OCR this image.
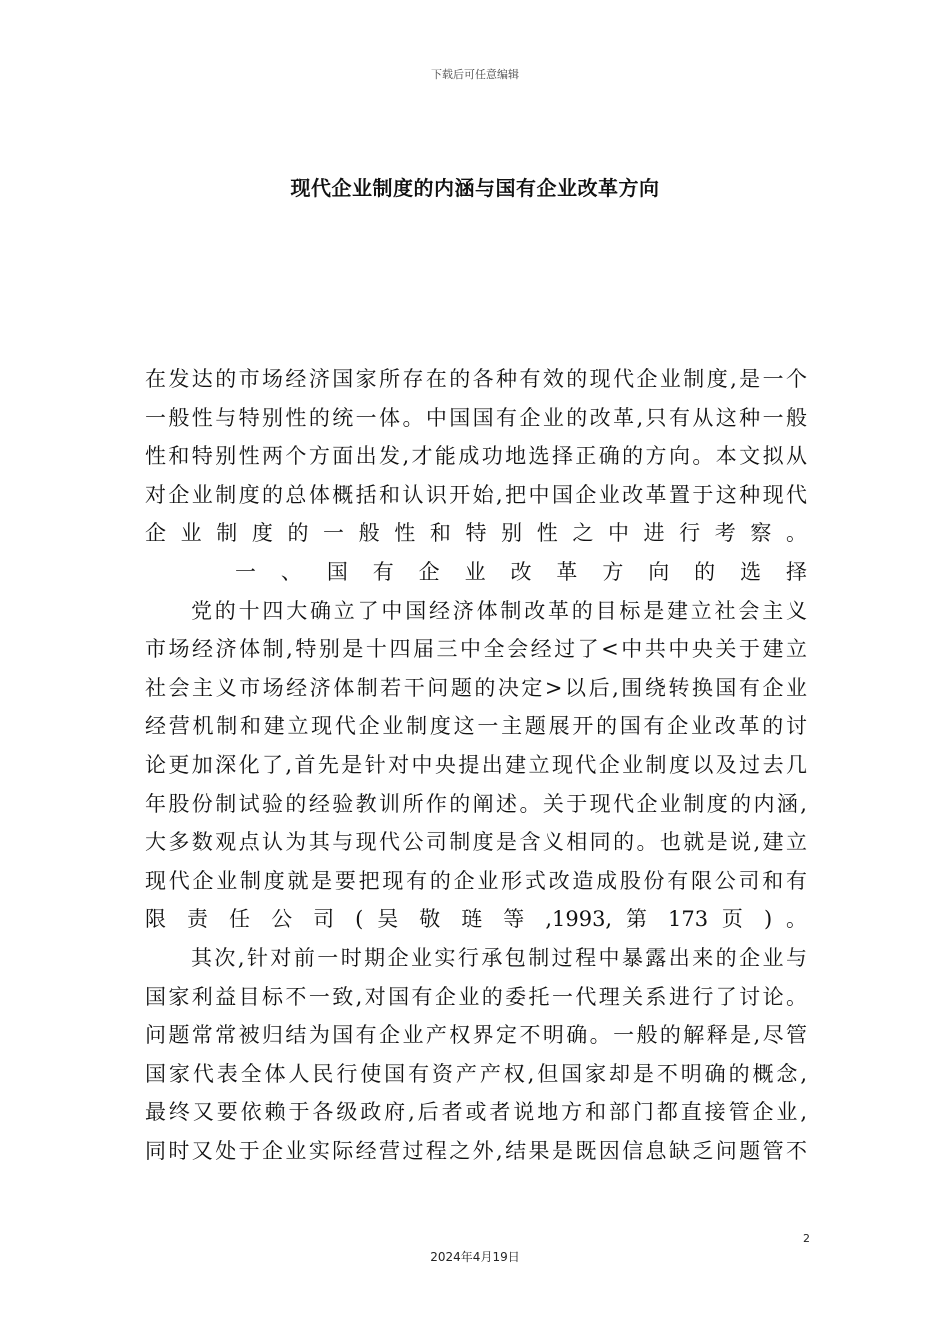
下载后可任意编辑
现代企业制度的内涵与国有企业改革方向
在发达的市场经济国家所存在的各种有效的现代企业制度,是一个
一般性与特别性的统一体。中国国有企业的改革,只有从这种一般
性和特别性两个方面出发,才能成功地选择正确的方向。本文拟从
对企业制度的总体概括和认识开始,把中国企业改革置于这种现代
企业制度的一般性和特别性之中进行考察。
一、国有企业改革方向的选择
党的十四大确立了中国经济体制改革的目标是建立社会主义
市场经济体制,特别是十四届三中全会经过了<中共中央关于建立
社会主义市场经济体制若干问题的决定>以后,围绕转换国有企业
经营机制和建立现代企业制度这一主题展开的国有企业改革的讨
论更加深化了,首先是针对中央提出建立现代企业制度以及过去几
年股份制试验的经验教训所作的阐述。关于现代企业制度的内涵,
大多数观点认为其与现代公司制度是含义相同的。也就是说,建立
现代企业制度就是要把现有的企业形式改造成股份有限公司和有
限 责 任 公 司 ( 吴 敬 琏 等 ,1993, 第 173 页 ) 。
其次,针对前一时期企业实行承包制过程中暴露出来的企业与
国家利益目标不一致,对国有企业的委托一代理关系进行了讨论。
问题常常被归结为国有企业产权界定不明确。一般的解释是,尽管
国家代表全体人民行使国有资产产权,但国家却是不明确的概念,
最终又要依赖于各级政府,后者或者说地方和部门都直接管企业,
同时又处于企业实际经营过程之外,结果是既因信息缺乏问题管不
2
2024年4月19日
